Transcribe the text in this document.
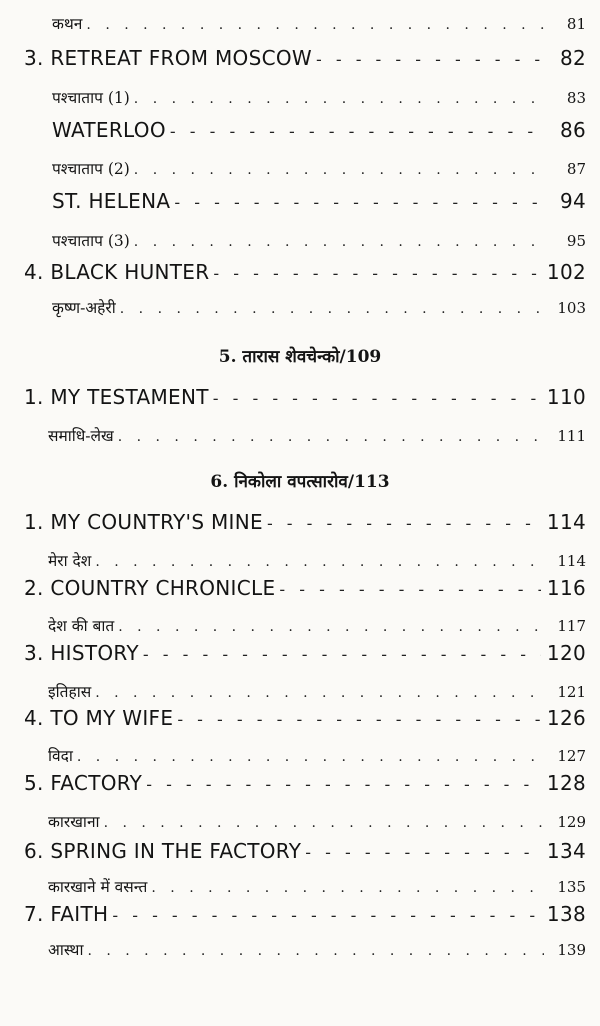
कथन . . .	81
3. RETREAT FROM MOSCOW - - -	82
पश्चाताप (1) . . .	83
WATERLOO - - -	86
पश्चाताप (2) . . .	87
ST. HELENA - - -	94
पश्चाताप (3) . . .	95
4. BLACK HUNTER - - -	102
कृष्ण-अहेरी . . .	103
5. तारास शेवचेन्को/109
1. MY TESTAMENT - - -	110
समाधि-लेख . . .	111
6. निकोला वपत्सारोव/113
1. MY COUNTRY'S MINE - - -	114
मेरा देश . . .	114
2. COUNTRY CHRONICLE - - -	116
देश की बात . . .	117
3. HISTORY - - -	120
इतिहास . . .	121
4. TO MY WIFE - - -	126
विदा . . .	127
5. FACTORY - - -	128
कारखाना . . .	129
6. SPRING IN THE FACTORY - - -	134
कारखाने में वसन्त . . .	135
7. FAITH - - -	138
आस्था . . .	139
